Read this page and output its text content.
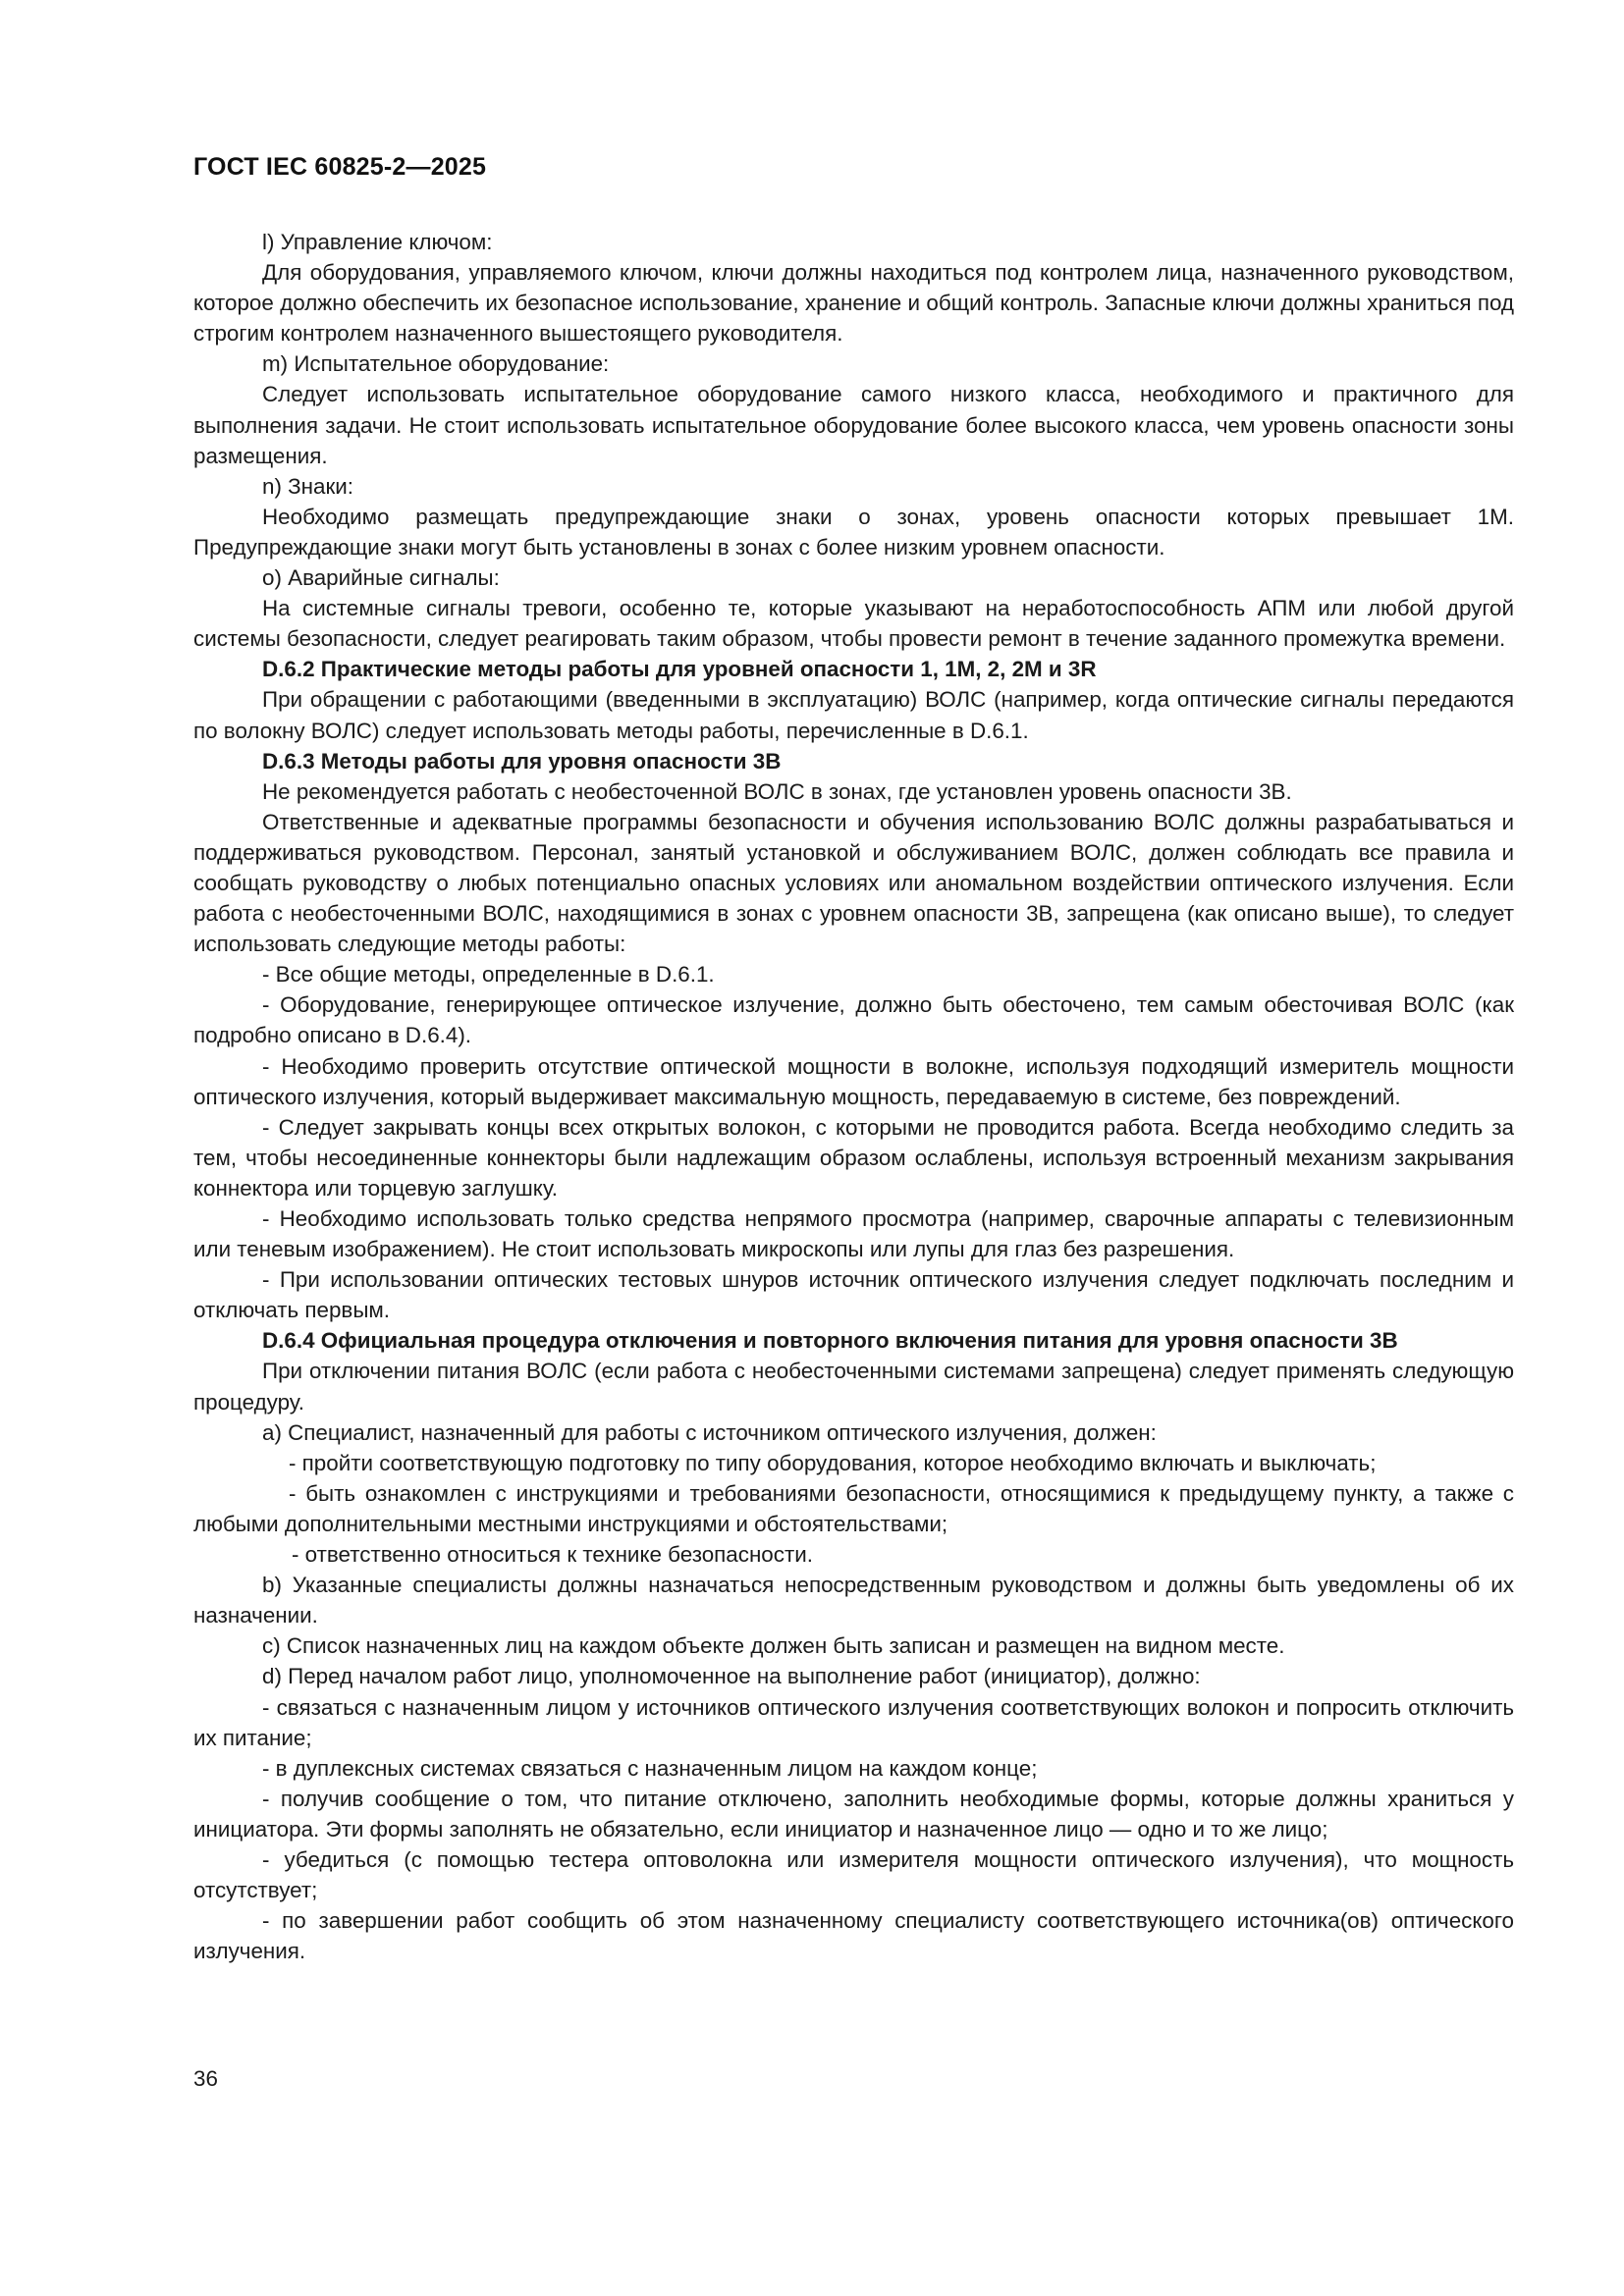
ГОСТ IEC 60825-2—2025

l) Управление ключом:

Для оборудования, управляемого ключом, ключи должны находиться под контролем лица, назначенного руководством, которое должно обеспечить их безопасное использование, хранение и общий контроль. Запасные ключи должны храниться под строгим контролем назначенного вышестоящего руководителя.

m) Испытательное оборудование:

Следует использовать испытательное оборудование самого низкого класса, необходимого и практичного для выполнения задачи. Не стоит использовать испытательное оборудование более высокого класса, чем уровень опасности зоны размещения.

n) Знаки:

Необходимо размещать предупреждающие знаки о зонах, уровень опасности которых превышает 1М. Предупреждающие знаки могут быть установлены в зонах с более низким уровнем опасности.

o) Аварийные сигналы:

На системные сигналы тревоги, особенно те, которые указывают на неработоспособность АПМ или любой другой системы безопасности, следует реагировать таким образом, чтобы провести ремонт в течение заданного промежутка времени.

D.6.2 Практические методы работы для уровней опасности 1, 1М, 2, 2М и 3R

При обращении с работающими (введенными в эксплуатацию) ВОЛС (например, когда оптические сигналы передаются по волокну ВОЛС) следует использовать методы работы, перечисленные в D.6.1.

D.6.3 Методы работы для уровня опасности 3В

Не рекомендуется работать с необесточенной ВОЛС в зонах, где установлен уровень опасности 3В.

Ответственные и адекватные программы безопасности и обучения использованию ВОЛС должны разрабатываться и поддерживаться руководством. Персонал, занятый установкой и обслуживанием ВОЛС, должен соблюдать все правила и сообщать руководству о любых потенциально опасных условиях или аномальном воздействии оптического излучения. Если работа с необесточенными ВОЛС, находящимися в зонах с уровнем опасности 3В, запрещена (как описано выше), то следует использовать следующие методы работы:

- Все общие методы, определенные в D.6.1.

- Оборудование, генерирующее оптическое излучение, должно быть обесточено, тем самым обесточивая ВОЛС (как подробно описано в D.6.4).

- Необходимо проверить отсутствие оптической мощности в волокне, используя подходящий измеритель мощности оптического излучения, который выдерживает максимальную мощность, передаваемую в системе, без повреждений.

- Следует закрывать концы всех открытых волокон, с которыми не проводится работа. Всегда необходимо следить за тем, чтобы несоединенные коннекторы были надлежащим образом ослаблены, используя встроенный механизм закрывания коннектора или торцевую заглушку.

- Необходимо использовать только средства непрямого просмотра (например, сварочные аппараты с телевизионным или теневым изображением). Не стоит использовать микроскопы или лупы для глаз без разрешения.

- При использовании оптических тестовых шнуров источник оптического излучения следует подключать последним и отключать первым.

D.6.4 Официальная процедура отключения и повторного включения питания для уровня опасности 3В

При отключении питания ВОЛС (если работа с необесточенными системами запрещена) следует применять следующую процедуру.

a) Специалист, назначенный для работы с источником оптического излучения, должен:

- пройти соответствующую подготовку по типу оборудования, которое необходимо включать и выключать;

- быть ознакомлен с инструкциями и требованиями безопасности, относящимися к предыдущему пункту, а также с любыми дополнительными местными инструкциями и обстоятельствами;

- ответственно относиться к технике безопасности.

b) Указанные специалисты должны назначаться непосредственным руководством и должны быть уведомлены об их назначении.

c) Список назначенных лиц на каждом объекте должен быть записан и размещен на видном месте.

d) Перед началом работ лицо, уполномоченное на выполнение работ (инициатор), должно:

- связаться с назначенным лицом у источников оптического излучения соответствующих волокон и попросить отключить их питание;

- в дуплексных системах связаться с назначенным лицом на каждом конце;

- получив сообщение о том, что питание отключено, заполнить необходимые формы, которые должны храниться у инициатора. Эти формы заполнять не обязательно, если инициатор и назначенное лицо — одно и то же лицо;

- убедиться (с помощью тестера оптоволокна или измерителя мощности оптического излучения), что мощность отсутствует;

- по завершении работ сообщить об этом назначенному специалисту соответствующего источника(ов) оптического излучения.

36
